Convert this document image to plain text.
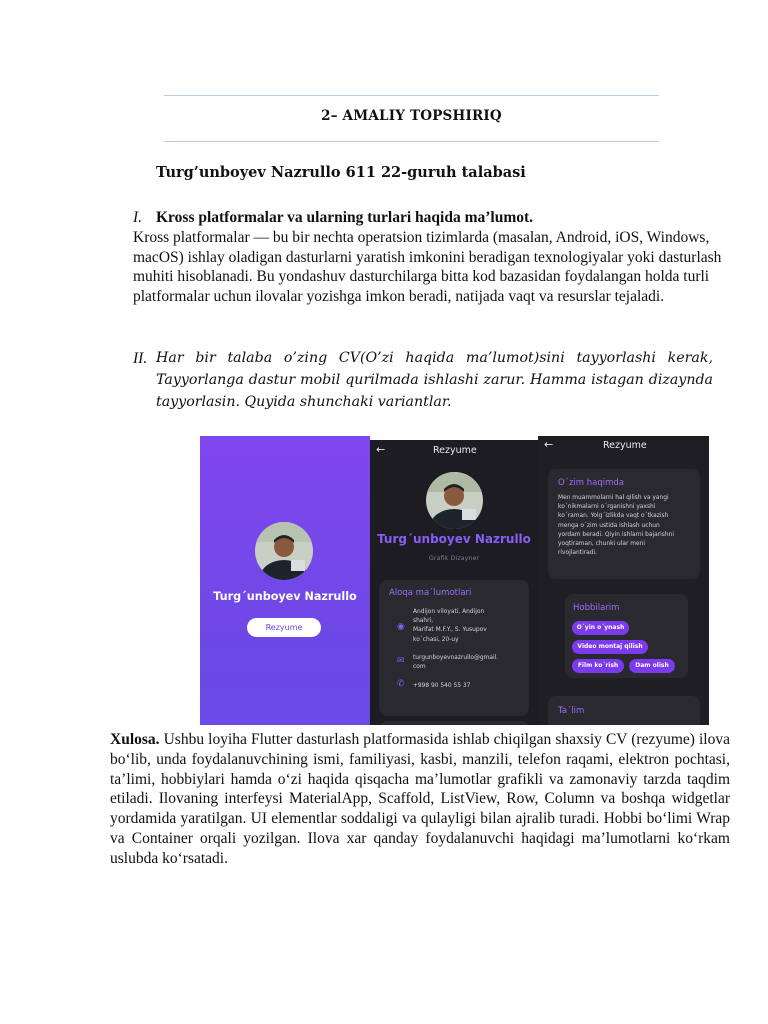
2– AMALIY TOPSHIRIQ
Turg’unboyev Nazrullo 611 22-guruh talabasi
I. Kross platformalar va ularning turlari haqida ma’lumot.
Kross platformalar — bu bir nechta operatsion tizimlarda (masalan, Android, iOS, Windows, macOS) ishlay oladigan dasturlarni yaratish imkonini beradigan texnologiyalar yoki dasturlash muhiti hisoblanadi. Bu yondashuv dasturchilarga bitta kod bazasidan foydalangan holda turli platformalar uchun ilovalar yozishga imkon beradi, natijada vaqt va resurslar tejaladi.
II. Har bir talaba o’zing CV(O’zi haqida ma’lumot)sini tayyorlashi kerak, Tayyorlanga dastur mobil qurilmada ishlashi zarur. Hamma istagan dizaynda tayyorlasin. Quyida shunchaki variantlar.
Turg´unboyev Nazrullo
Rezyume
←	Rezyume
Turg´unboyev Nazrullo
Grafik Dizayner
Aloqa ma´lumotlari
◉
Andijon viloyati, Andijon
shahri,
Marifat M.F.Y., S. Yusupov
ko´chasi, 20-uy
✉ turgunboyevnazrullo@gmail.
com
✆ +998 90 540 55 37
←	Rezyume
O´zim haqimda
Men muammolarni hal qilish va yangi
ko´nikmalarni o´rganishni yaxshi
ko´raman. Yolg´izlikda vaqt o´tkazish
menga o´zim ustida ishlash uchun
yordam beradi. Qiyin ishlarni bajarishni
yoqtiraman, chunki ular meni
rivojlantiradi.
Hobbilarim
O´yin o´ynash
Video montaj qilish
Film ko´rish	Dam olish
Ta´lim
Xulosa. Ushbu loyiha Flutter dasturlash platformasida ishlab chiqilgan shaxsiy CV (rezyume) ilova bo‘lib, unda foydalanuvchining ismi, familiyasi, kasbi, manzili, telefon raqami, elektron pochtasi, ta’limi, hobbiylari hamda o‘zi haqida qisqacha ma’lumotlar grafikli va zamonaviy tarzda taqdim etiladi. Ilovaning interfeysi MaterialApp, Scaffold, ListView, Row, Column va boshqa widgetlar yordamida yaratilgan. UI elementlar soddaligi va qulayligi bilan ajralib turadi. Hobbi bo‘limi Wrap va Container orqali yozilgan. Ilova xar qanday foydalanuvchi haqidagi ma’lumotlarni ko‘rkam uslubda ko‘rsatadi.
